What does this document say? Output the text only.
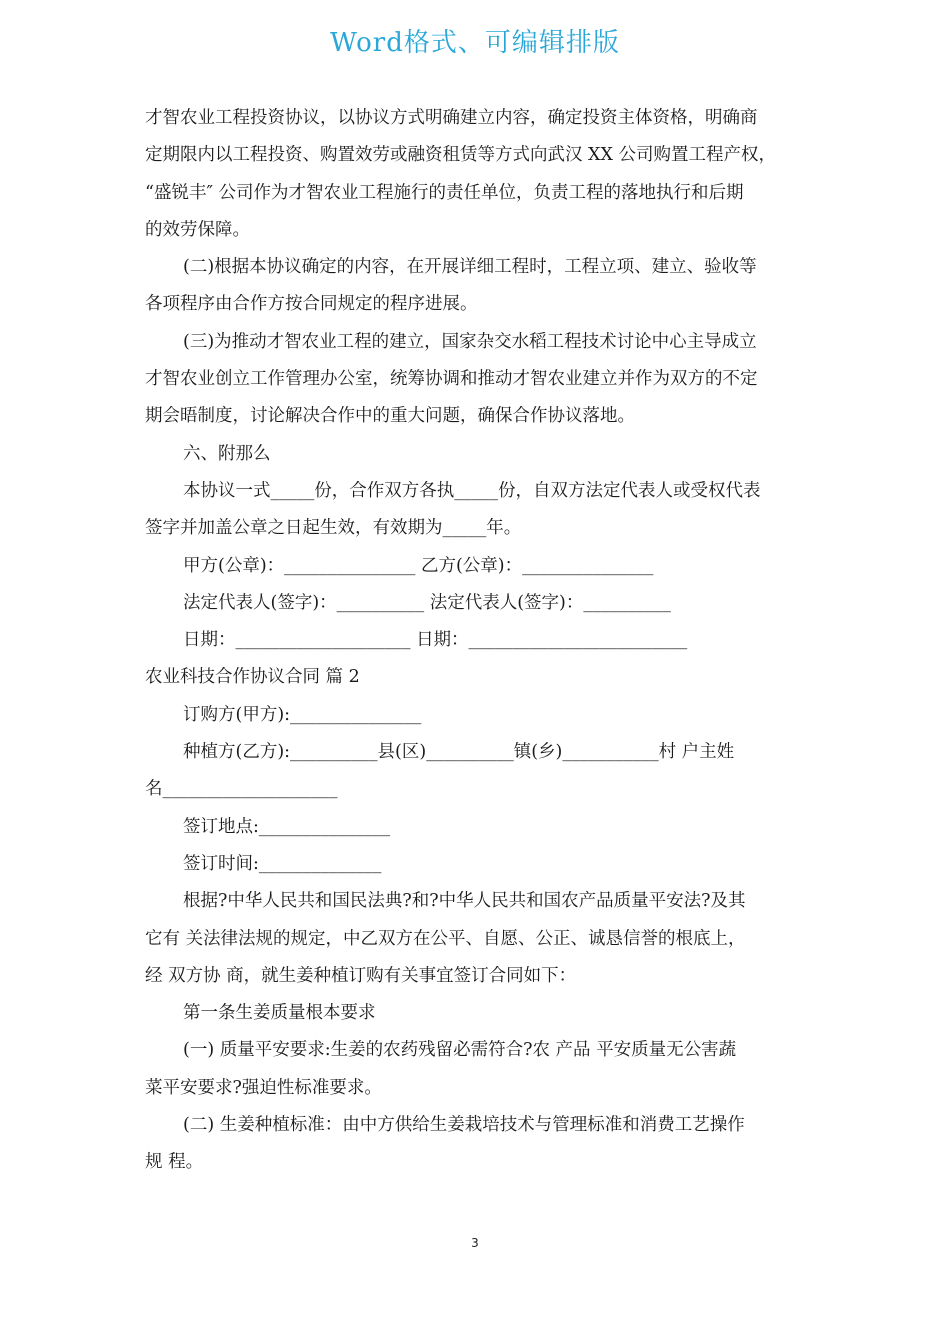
Word格式、可编辑排版

才智农业工程投资协议，以协议方式明确建立内容，确定投资主体资格，明确商

定期限内以工程投资、购置效劳或融资租赁等方式向武汉 XX 公司购置工程产权，

“盛锐丰″ 公司作为才智农业工程施行的责任单位，负责工程的落地执行和后期

的效劳保障。

(二)根据本协议确定的内容，在开展详细工程时，工程立项、建立、验收等

各项程序由合作方按合同规定的程序进展。

(三)为推动才智农业工程的建立，国家杂交水稻工程技术讨论中心主导成立

才智农业创立工作管理办公室，统筹协调和推动才智农业建立并作为双方的不定

期会晤制度，讨论解决合作中的重大问题，确保合作协议落地。

六、附那么

本协议一式_____份，合作双方各执_____份，自双方法定代表人或受权代表

签字并加盖公章之日起生效，有效期为_____年。

甲方(公章)：_______________ 乙方(公章)：_______________

法定代表人(签字)：__________ 法定代表人(签字)：__________

日期：____________________ 日期：_________________________

农业科技合作协议合同 篇 2

订购方(甲方):_______________

种植方(乙方):__________县(区)__________镇(乡)___________村 户主姓

名____________________

签订地点:_______________

签订时间:______________

根据?中华人民共和国民法典?和?中华人民共和国农产品质量平安法?及其

它有 关法律法规的规定，中乙双方在公平、自愿、公正、诚恳信誉的根底上，

经 双方协 商，就生姜种植订购有关事宜签订合同如下：

第一条生姜质量根本要求

(一) 质量平安要求:生姜的农药残留必需符合?农 产品 平安质量无公害蔬

菜平安要求?强迫性标准要求。

(二) 生姜种植标准：由中方供给生姜栽培技术与管理标准和消费工艺操作

规 程。

3
